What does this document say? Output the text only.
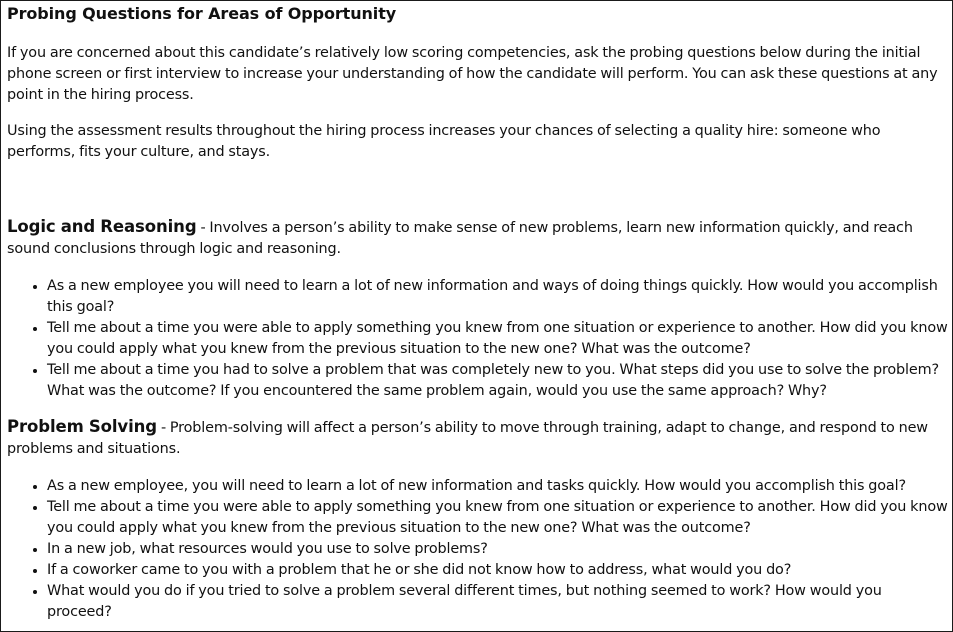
Probing Questions for Areas of Opportunity

If you are concerned about this candidate’s relatively low scoring competencies, ask the probing questions below during the initial phone screen or first interview to increase your understanding of how the candidate will perform. You can ask these questions at any point in the hiring process.

Using the assessment results throughout the hiring process increases your chances of selecting a quality hire: someone who performs, fits your culture, and stays.

Logic and Reasoning - Involves a person’s ability to make sense of new problems, learn new information quickly, and reach sound conclusions through logic and reasoning.

• As a new employee you will need to learn a lot of new information and ways of doing things quickly. How would you accomplish this goal?
• Tell me about a time you were able to apply something you knew from one situation or experience to another. How did you know you could apply what you knew from the previous situation to the new one? What was the outcome?
• Tell me about a time you had to solve a problem that was completely new to you. What steps did you use to solve the problem? What was the outcome? If you encountered the same problem again, would you use the same approach? Why?

Problem Solving - Problem-solving will affect a person’s ability to move through training, adapt to change, and respond to new problems and situations.

• As a new employee, you will need to learn a lot of new information and tasks quickly. How would you accomplish this goal?
• Tell me about a time you were able to apply something you knew from one situation or experience to another. How did you know you could apply what you knew from the previous situation to the new one? What was the outcome?
• In a new job, what resources would you use to solve problems?
• If a coworker came to you with a problem that he or she did not know how to address, what would you do?
• What would you do if you tried to solve a problem several different times, but nothing seemed to work? How would you proceed?
